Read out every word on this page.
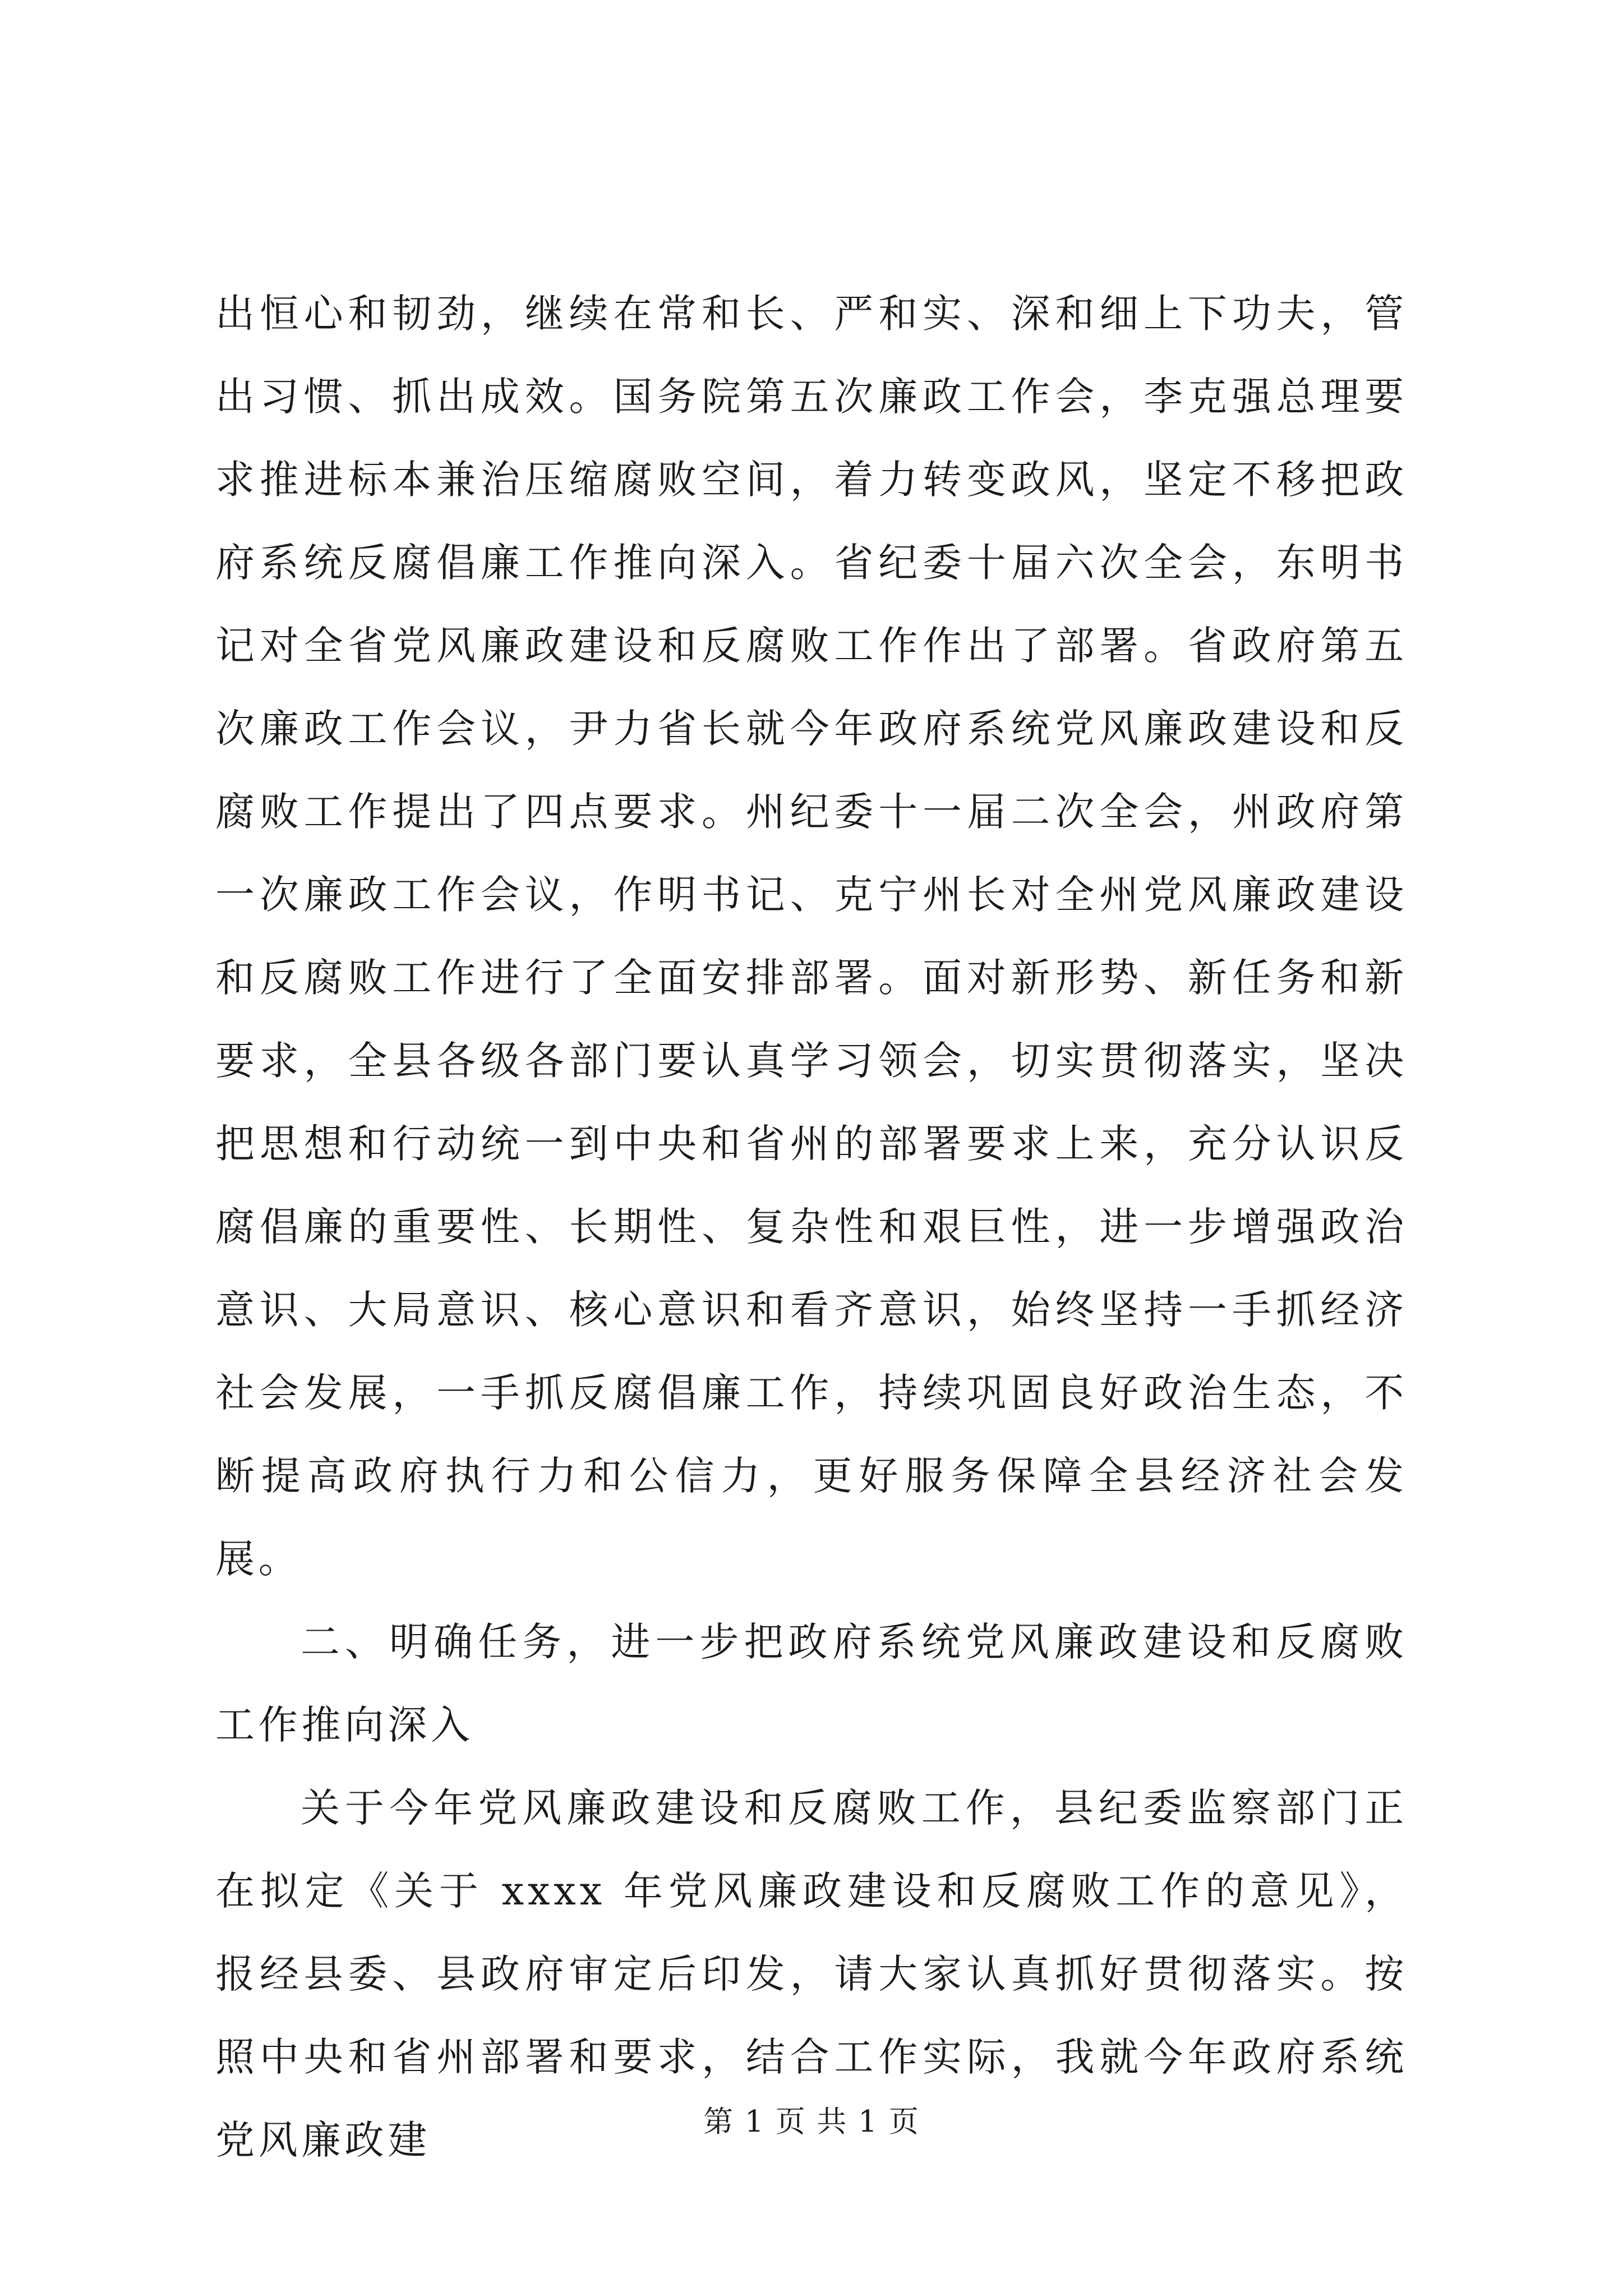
出恒心和韧劲，继续在常和长、严和实、深和细上下功夫，管出习惯、抓出成效。国务院第五次廉政工作会，李克强总理要求推进标本兼治压缩腐败空间，着力转变政风，坚定不移把政府系统反腐倡廉工作推向深入。省纪委十届六次全会，东明书记对全省党风廉政建设和反腐败工作作出了部署。省政府第五次廉政工作会议，尹力省长就今年政府系统党风廉政建设和反腐败工作提出了四点要求。州纪委十一届二次全会，州政府第一次廉政工作会议，作明书记、克宁州长对全州党风廉政建设和反腐败工作进行了全面安排部署。面对新形势、新任务和新要求，全县各级各部门要认真学习领会，切实贯彻落实，坚决把思想和行动统一到中央和省州的部署要求上来，充分认识反腐倡廉的重要性、长期性、复杂性和艰巨性，进一步增强政治意识、大局意识、核心意识和看齐意识，始终坚持一手抓经济社会发展，一手抓反腐倡廉工作，持续巩固良好政治生态，不断提高政府执行力和公信力，更好服务保障全县经济社会发展。

二、明确任务，进一步把政府系统党风廉政建设和反腐败工作推向深入

关于今年党风廉政建设和反腐败工作，县纪委监察部门正在拟定《关于 xxxx 年党风廉政建设和反腐败工作的意见》，报经县委、县政府审定后印发，请大家认真抓好贯彻落实。按照中央和省州部署和要求，结合工作实际，我就今年政府系统党风廉政建	第 1 页 共 1 页
